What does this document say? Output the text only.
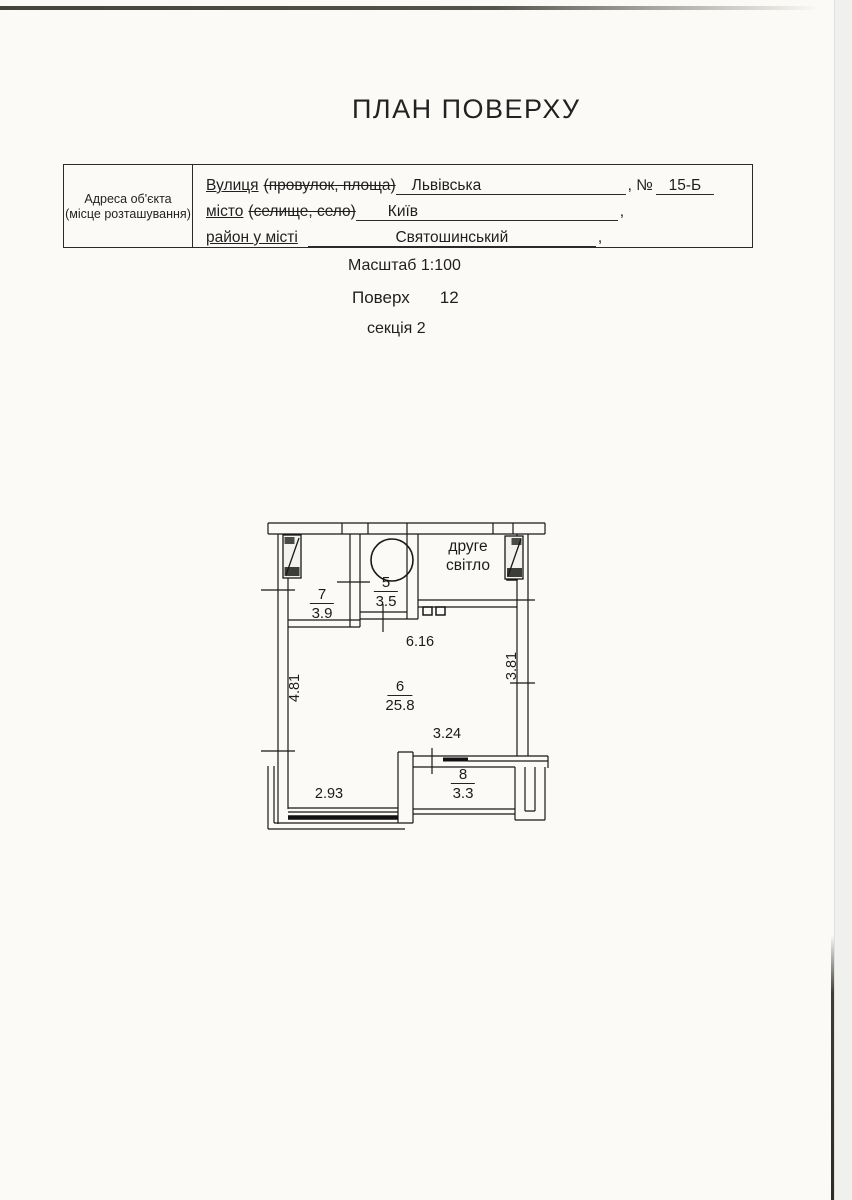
ПЛАН ПОВЕРХУ
Адреса об'єкта
(місце розташування)
Вулиця (провулок, площа)	Львівська	, №	15-Б
місто (селище, село)	Київ	,
район у місті	Святошинський	,
Масштаб 1:100
Поверх 12
секція 2
7
3.9
5
3.5
6
25.8
8
3.3
друге
світло
6.16
3.24
2.93
4.81
3.81
